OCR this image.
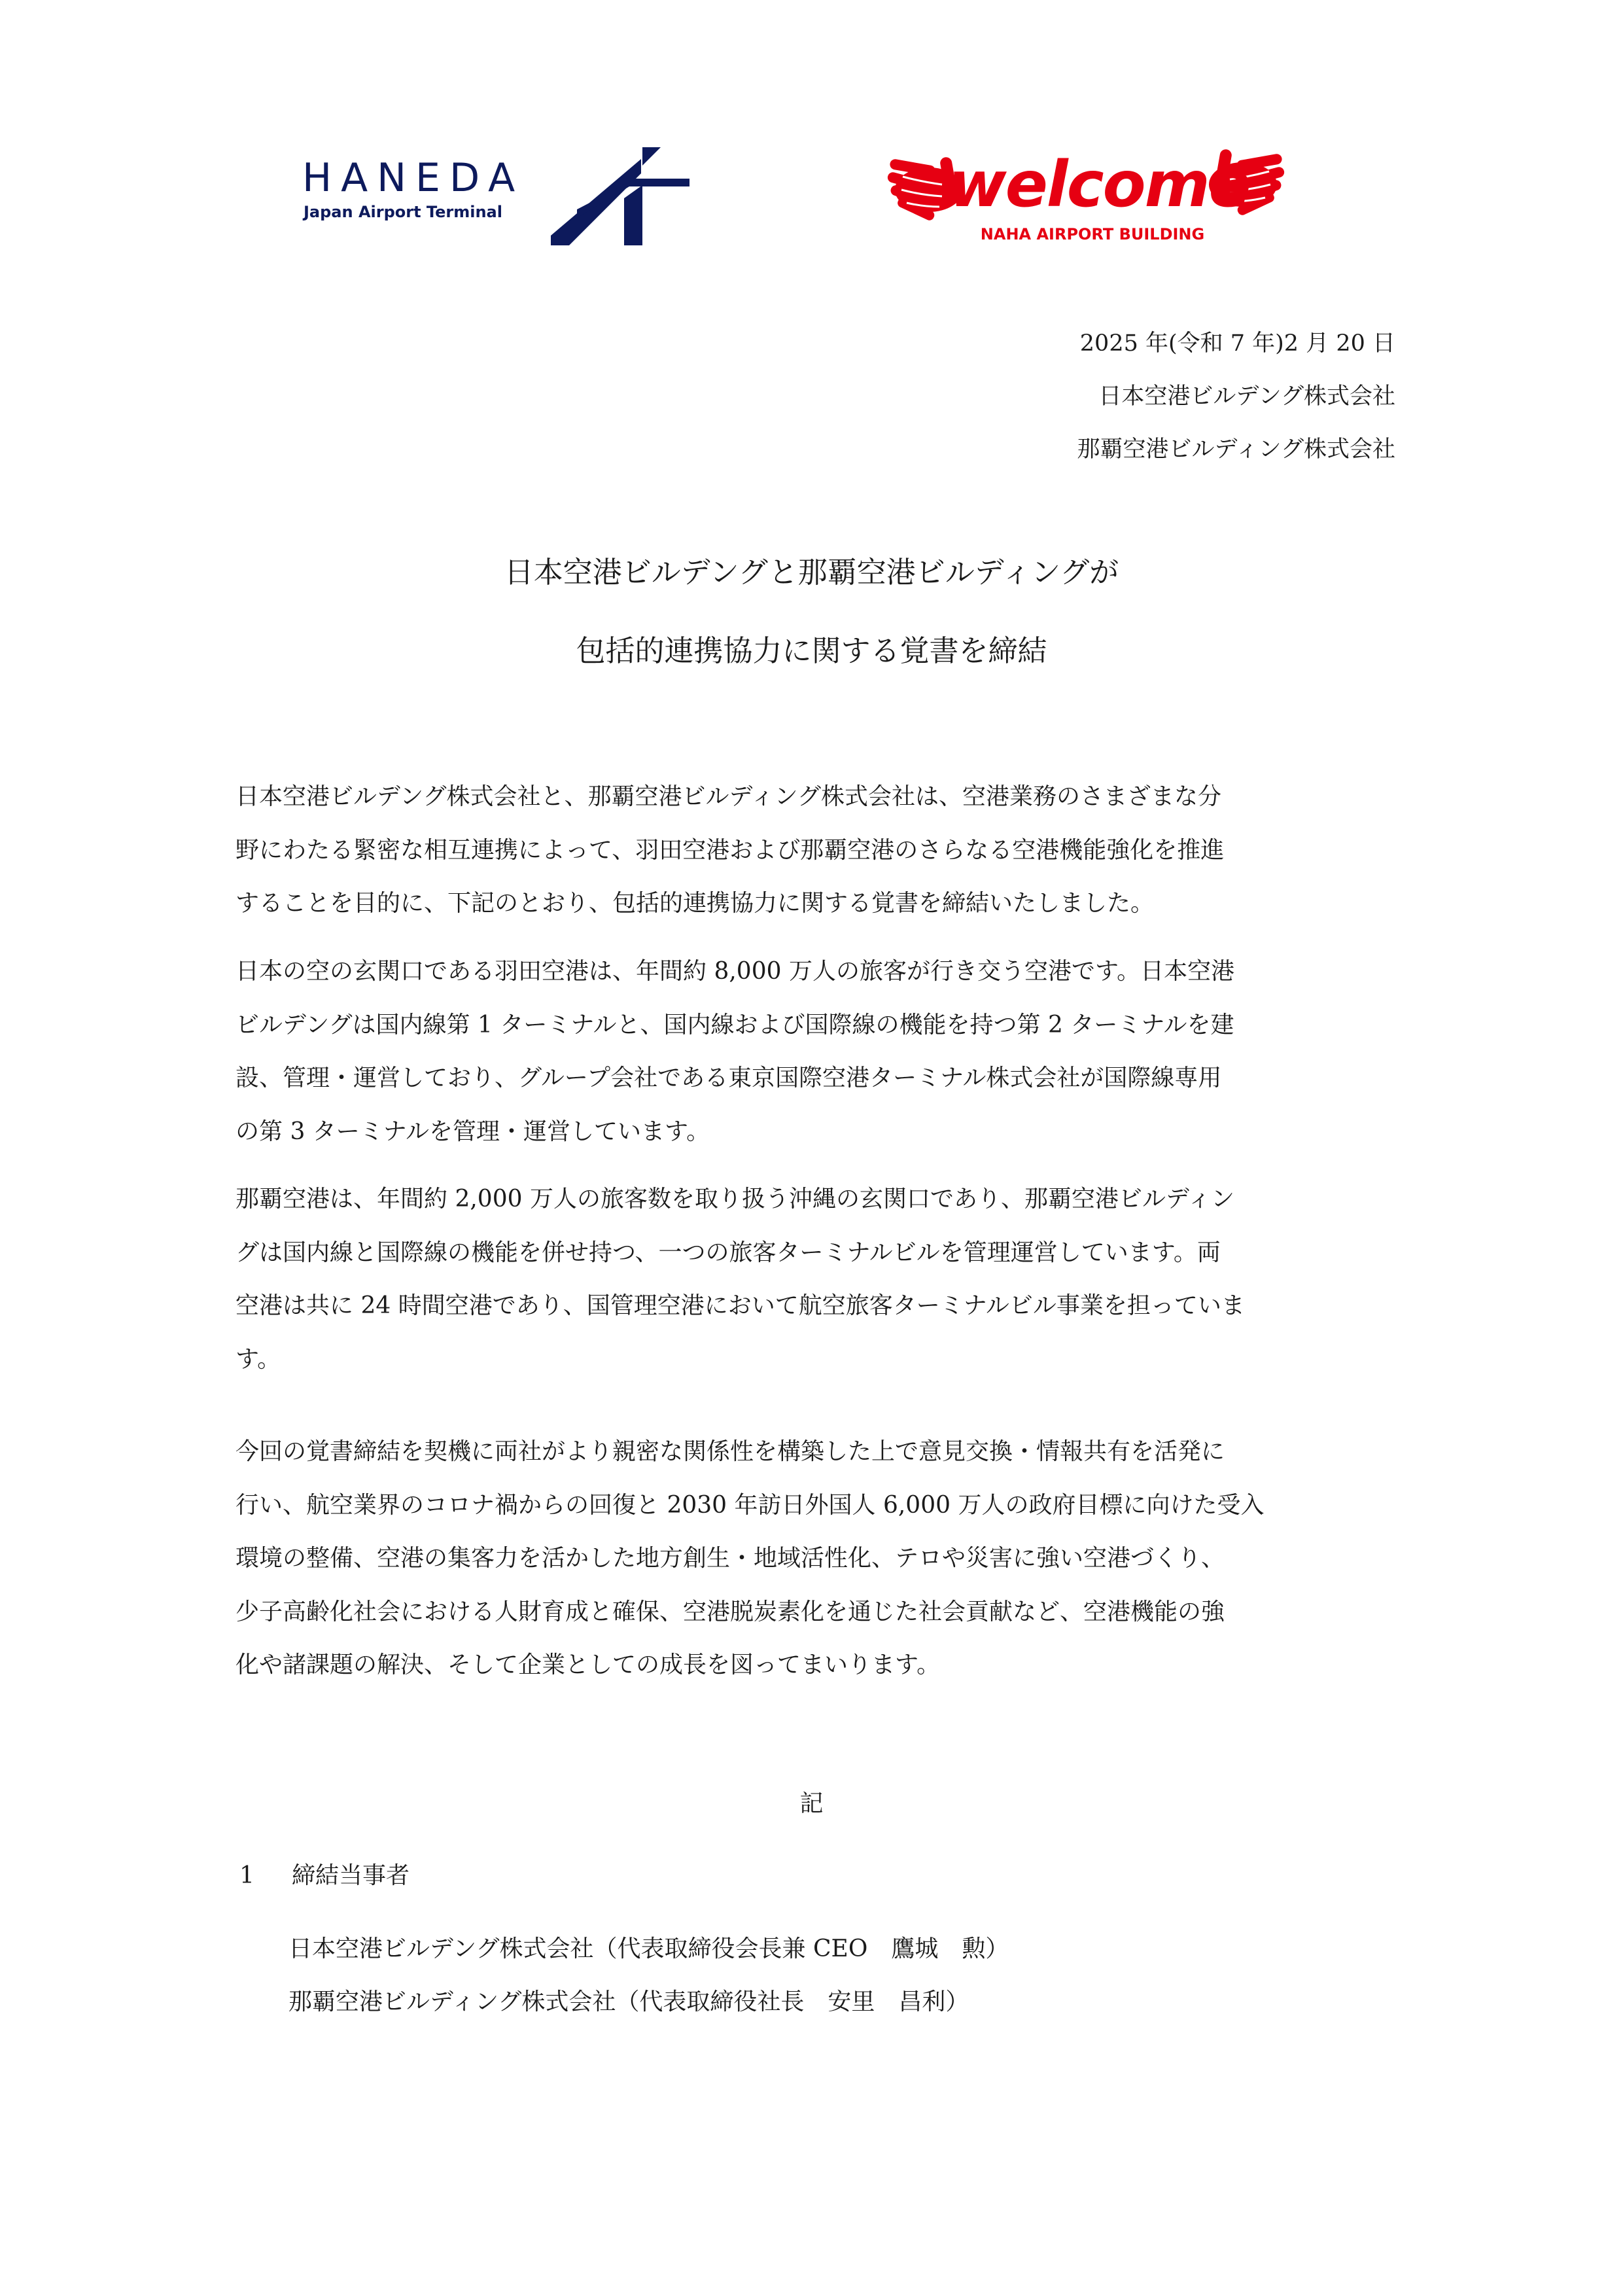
HANEDA
Japan Airport Terminal	welcome
NAHA AIRPORT BUILDING
2025 年(令和 7 年)2 月 20 日
日本空港ビルデング株式会社
那覇空港ビルディング株式会社
日本空港ビルデングと那覇空港ビルディングが
包括的連携協力に関する覚書を締結
日本空港ビルデング株式会社と、那覇空港ビルディング株式会社は、空港業務のさまざまな分
野にわたる緊密な相互連携によって、羽田空港および那覇空港のさらなる空港機能強化を推進
することを目的に、下記のとおり、包括的連携協力に関する覚書を締結いたしました。
日本の空の玄関口である羽田空港は、年間約 8,000 万人の旅客が行き交う空港です。日本空港
ビルデングは国内線第 1 ターミナルと、国内線および国際線の機能を持つ第 2 ターミナルを建
設、管理・運営しており、グループ会社である東京国際空港ターミナル株式会社が国際線専用
の第 3 ターミナルを管理・運営しています。
那覇空港は、年間約 2,000 万人の旅客数を取り扱う沖縄の玄関口であり、那覇空港ビルディン
グは国内線と国際線の機能を併せ持つ、一つの旅客ターミナルビルを管理運営しています。両
空港は共に 24 時間空港であり、国管理空港において航空旅客ターミナルビル事業を担っていま
す。
今回の覚書締結を契機に両社がより親密な関係性を構築した上で意見交換・情報共有を活発に
行い、航空業界のコロナ禍からの回復と 2030 年訪日外国人 6,000 万人の政府目標に向けた受入
環境の整備、空港の集客力を活かした地方創生・地域活性化、テロや災害に強い空港づくり、
少子高齢化社会における人財育成と確保、空港脱炭素化を通じた社会貢献など、空港機能の強
化や諸課題の解決、そして企業としての成長を図ってまいります。
記
1 締結当事者
日本空港ビルデング株式会社（代表取締役会長兼 CEO　鷹城　勲）
那覇空港ビルディング株式会社（代表取締役社長　安里　昌利）
